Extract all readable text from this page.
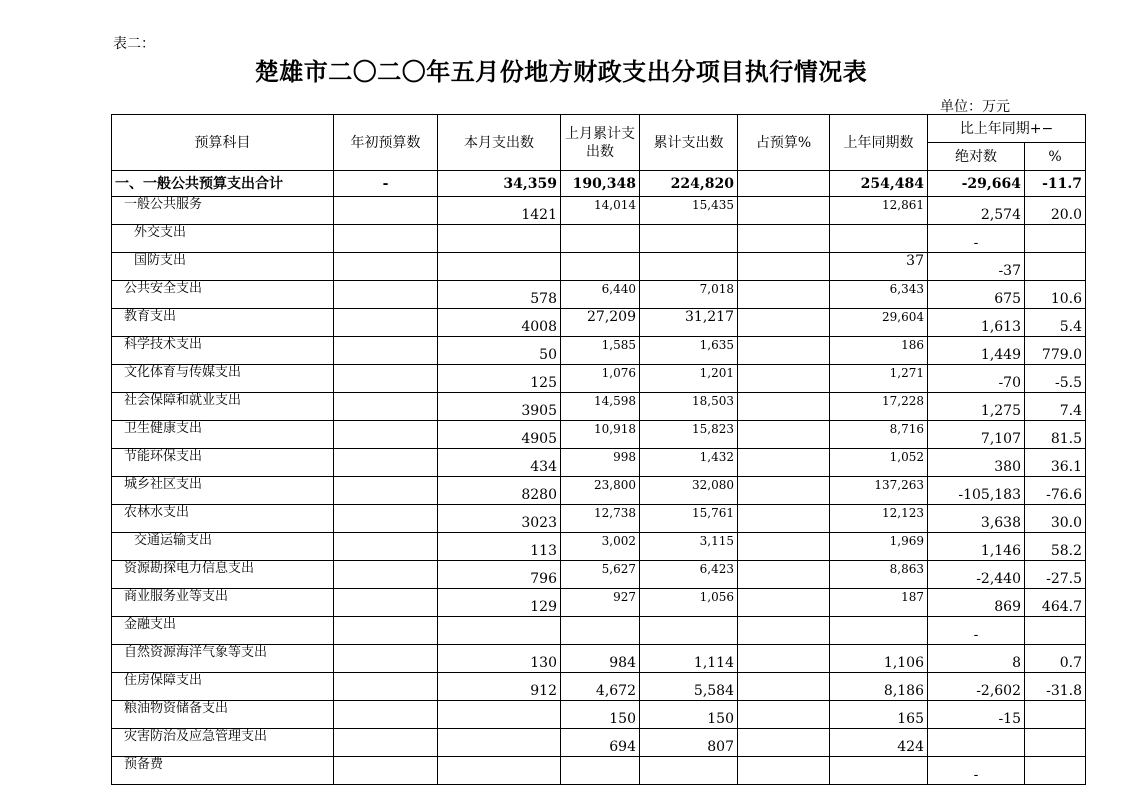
表二：
楚雄市二〇二〇年五月份地方财政支出分项目执行情况表
单位：万元
预算科目	年初预算数	本月支出数	上月累计支出数	累计支出数	占预算%	上年同期数	比上年同期+−	
							绝对数	%
一、一般公共预算支出合计	-	34,359	190,348	224,820		254,484	-29,664	-11.7
一般公共服务		1421	14,014	15,435		12,861	2,574	20.0
外交支出							-	
国防支出						37	-37	
公共安全支出		578	6,440	7,018		6,343	675	10.6
教育支出		4008	27,209	31,217		29,604	1,613	5.4
科学技术支出		50	1,585	1,635		186	1,449	779.0
文化体育与传媒支出		125	1,076	1,201		1,271	-70	-5.5
社会保障和就业支出		3905	14,598	18,503		17,228	1,275	7.4
卫生健康支出		4905	10,918	15,823		8,716	7,107	81.5
节能环保支出		434	998	1,432		1,052	380	36.1
城乡社区支出		8280	23,800	32,080		137,263	-105,183	-76.6
农林水支出		3023	12,738	15,761		12,123	3,638	30.0
交通运输支出		113	3,002	3,115		1,969	1,146	58.2
资源勘探电力信息支出		796	5,627	6,423		8,863	-2,440	-27.5
商业服务业等支出		129	927	1,056		187	869	464.7
金融支出							-	
自然资源海洋气象等支出		130	984	1,114		1,106	8	0.7
住房保障支出		912	4,672	5,584		8,186	-2,602	-31.8
粮油物资储备支出			150	150		165	-15	
灾害防治及应急管理支出			694	807		424		
预备费							-	
